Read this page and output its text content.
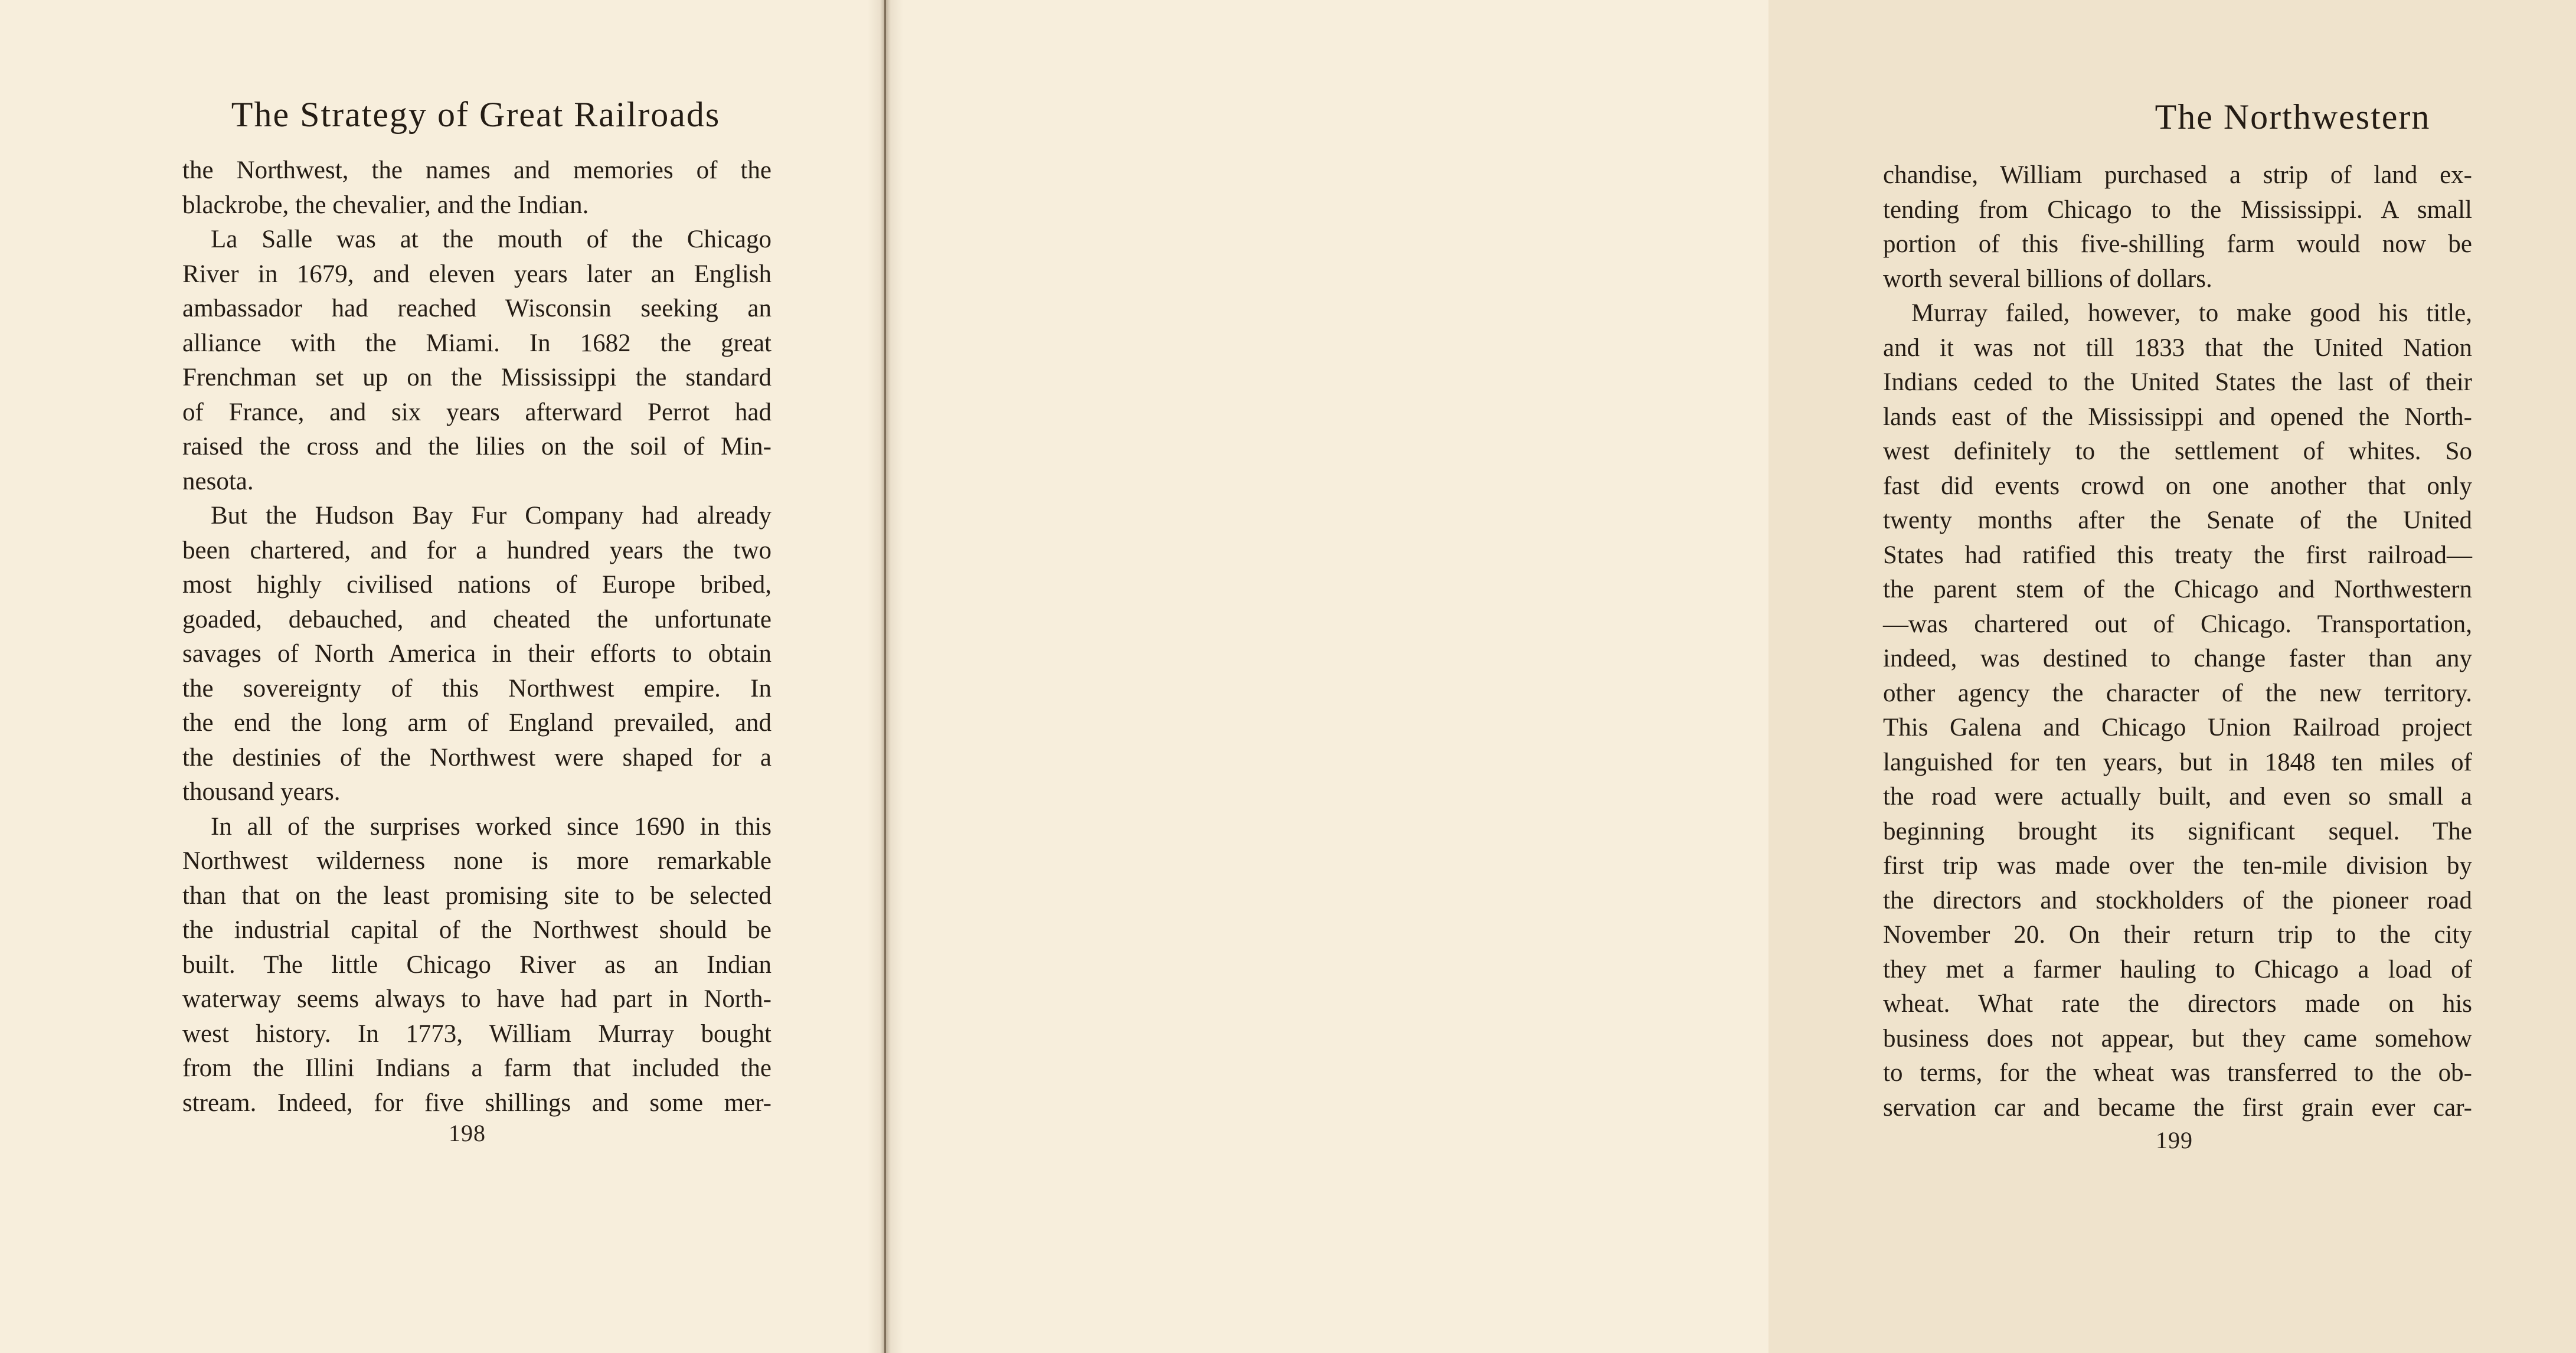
The Strategy of Great Railroads
the Northwest, the names and memories of the
blackrobe, the chevalier, and the Indian.
La Salle was at the mouth of the Chicago
River in 1679, and eleven years later an English
ambassador had reached Wisconsin seeking an
alliance with the Miami. In 1682 the great
Frenchman set up on the Mississippi the standard
of France, and six years afterward Perrot had
raised the cross and the lilies on the soil of Min-
nesota.
But the Hudson Bay Fur Company had already
been chartered, and for a hundred years the two
most highly civilised nations of Europe bribed,
goaded, debauched, and cheated the unfortunate
savages of North America in their efforts to obtain
the sovereignty of this Northwest empire. In
the end the long arm of England prevailed, and
the destinies of the Northwest were shaped for a
thousand years.
In all of the surprises worked since 1690 in this
Northwest wilderness none is more remarkable
than that on the least promising site to be selected
the industrial capital of the Northwest should be
built. The little Chicago River as an Indian
waterway seems always to have had part in North-
west history. In 1773, William Murray bought
from the Illini Indians a farm that included the
stream. Indeed, for five shillings and some mer-
198
The Northwestern
chandise, William purchased a strip of land ex-
tending from Chicago to the Mississippi. A small
portion of this five-shilling farm would now be
worth several billions of dollars.
Murray failed, however, to make good his title,
and it was not till 1833 that the United Nation
Indians ceded to the United States the last of their
lands east of the Mississippi and opened the North-
west definitely to the settlement of whites. So
fast did events crowd on one another that only
twenty months after the Senate of the United
States had ratified this treaty the first railroad—
the parent stem of the Chicago and Northwestern
—was chartered out of Chicago. Transportation,
indeed, was destined to change faster than any
other agency the character of the new territory.
This Galena and Chicago Union Railroad project
languished for ten years, but in 1848 ten miles of
the road were actually built, and even so small a
beginning brought its significant sequel. The
first trip was made over the ten-mile division by
the directors and stockholders of the pioneer road
November 20. On their return trip to the city
they met a farmer hauling to Chicago a load of
wheat. What rate the directors made on his
business does not appear, but they came somehow
to terms, for the wheat was transferred to the ob-
servation car and became the first grain ever car-
199
